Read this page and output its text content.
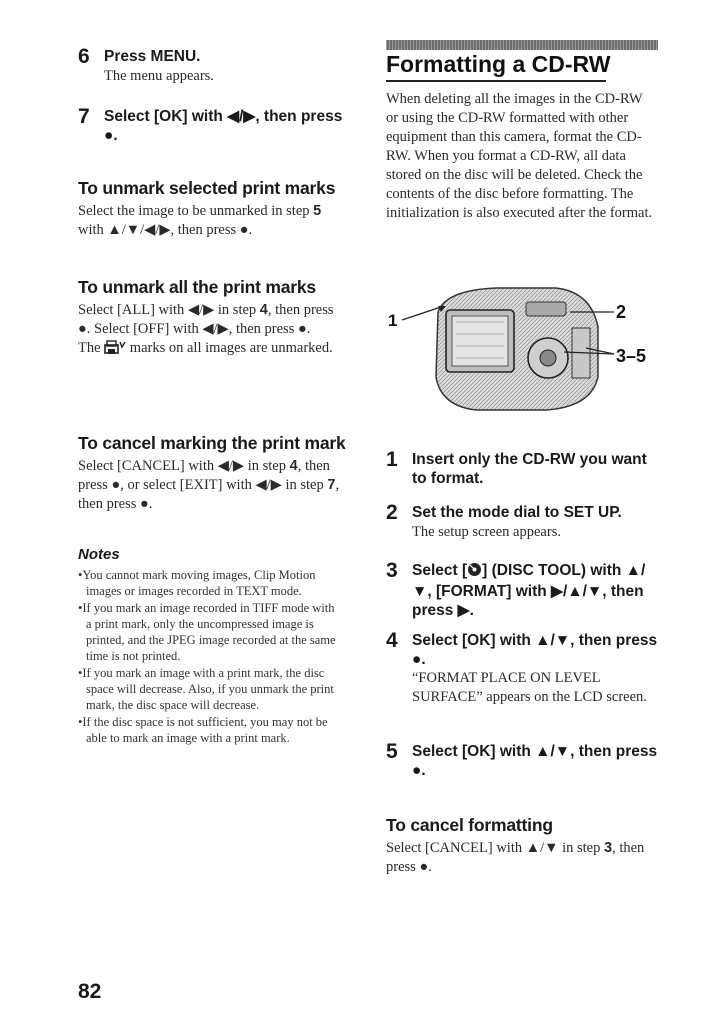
6 Press MENU.
The menu appears.
7 Select [OK] with ◀/▶, then press ●.
To unmark selected print marks
Select the image to be unmarked in step 5 with ▲/▼/◀/▶, then press ●.
To unmark all the print marks
Select [ALL] with ◀/▶ in step 4, then press ●. Select [OFF] with ◀/▶, then press ●.
The  marks on all images are unmarked.
To cancel marking the print mark
Select [CANCEL] with ◀/▶ in step 4, then press ●, or select [EXIT] with ◀/▶ in step 7, then press ●.
Notes
• You cannot mark moving images, Clip Motion images or images recorded in TEXT mode.
• If you mark an image recorded in TIFF mode with a print mark, only the uncompressed image is printed, and the JPEG image recorded at the same time is not printed.
• If you mark an image with a print mark, the disc space will decrease. Also, if you unmark the print mark, the disc space will decrease.
• If the disc space is not sufficient, you may not be able to mark an image with a print mark.
Formatting a CD-RW
When deleting all the images in the CD-RW or using the CD-RW formatted with other equipment than this camera, format the CD-RW. When you format a CD-RW, all data stored on the disc will be deleted. Check the contents of the disc before formatting. The initialization is also executed after the format.
1	2
3–5
1 Insert only the CD-RW you want to format.
2 Set the mode dial to SET UP.
The setup screen appears.
3 Select [ ] (DISC TOOL) with ▲/▼, [FORMAT] with ▶/▲/▼, then press ▶.
4 Select [OK] with ▲/▼, then press ●.
“FORMAT PLACE ON LEVEL SURFACE” appears on the LCD screen.
5 Select [OK] with ▲/▼, then press ●.
To cancel formatting
Select [CANCEL] with ▲/▼ in step 3, then press ●.
82
